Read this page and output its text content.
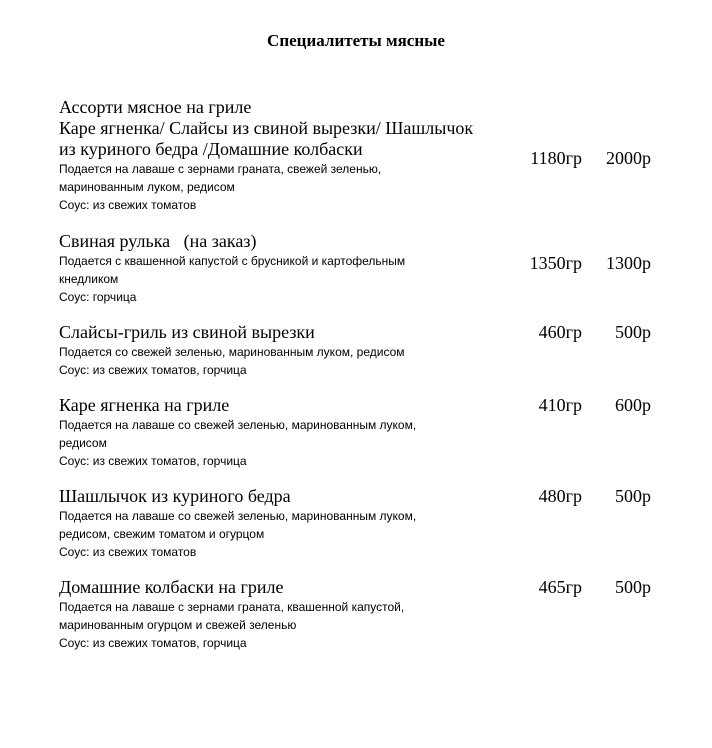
Специалитеты мясные
Ассорти мясное на гриле
Каре ягненка/ Слайсы из свиной вырезки/ Шашлычок
из куриного бедра /Домашние колбаски
Подается на лаваше с зернами граната, свежей зеленью,
маринованным луком, редисом
Соус: из свежих томатов
1180гр 2000р
Свиная рулька   (на заказ)
Подается с квашенной капустой с брусникой и картофельным
кнедликом
Соус: горчица
1350гр 1300р
Слайсы-гриль из свиной вырезки
Подается со свежей зеленью, маринованным луком, редисом
Соус: из свежих томатов, горчица
460гр 500р
Каре ягненка на гриле
Подается на лаваше со свежей зеленью, маринованным луком,
редисом
Соус: из свежих томатов, горчица
410гр 600р
Шашлычок из куриного бедра
Подается на лаваше со свежей зеленью, маринованным луком,
редисом, свежим томатом и огурцом
Соус: из свежих томатов
480гр 500р
Домашние колбаски на гриле
Подается на лаваше с зернами граната, квашенной капустой,
маринованным огурцом и свежей зеленью
Соус: из свежих томатов, горчица
465гр 500р
